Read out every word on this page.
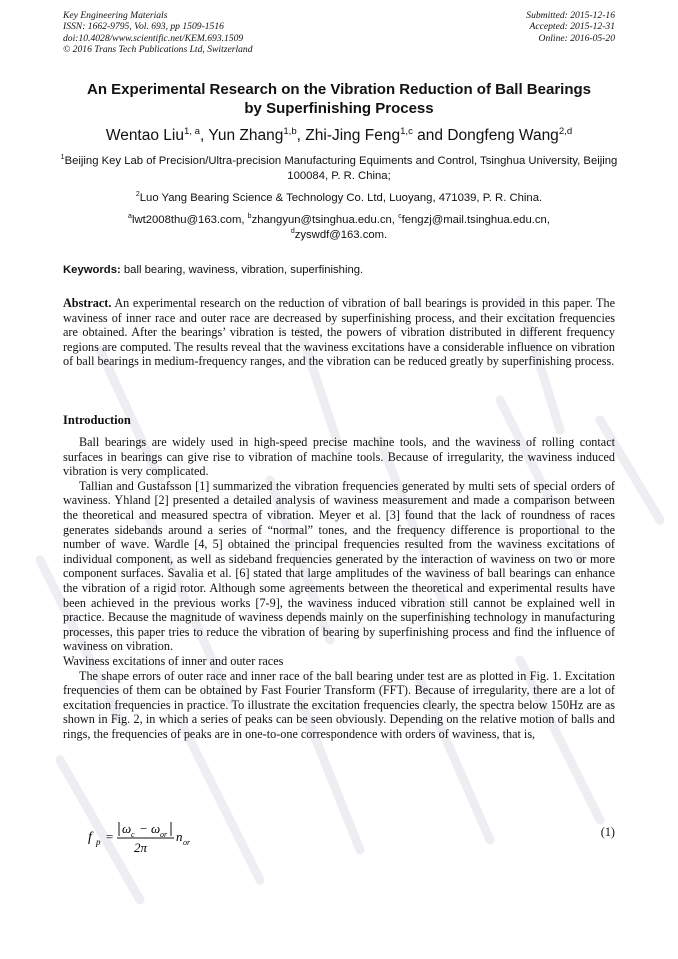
Key Engineering Materials
ISSN: 1662-9795, Vol. 693, pp 1509-1516
doi:10.4028/www.scientific.net/KEM.693.1509
© 2016 Trans Tech Publications Ltd, Switzerland
Submitted: 2015-12-16
Accepted: 2015-12-31
Online: 2016-05-20
An Experimental Research on the Vibration Reduction of Ball Bearings
by Superfinishing Process
Wentao Liu$^{1, a}$, Yun Zhang$^{1,b}$, Zhi-Jing Feng$^{1,c}$ and Dongfeng Wang$^{2,d}$
$^1$Beijing Key Lab of Precision/Ultra-precision Manufacturing Equiments and Control, Tsinghua University, Beijing 100084, P. R. China;
$^2$Luo Yang Bearing Science & Technology Co. Ltd, Luoyang, 471039, P. R. China.
$^a$lwt2008thu@163.com, $^b$zhangyun@tsinghua.edu.cn, $^c$fengzj@mail.tsinghua.edu.cn,
$^d$zyswdf@163.com.
Keywords: ball bearing, waviness, vibration, superfinishing.
Abstract. An experimental research on the reduction of vibration of ball bearings is provided in this paper. The waviness of inner race and outer race are decreased by superfinishing process, and their excitation frequencies are obtained. After the bearings’ vibration is tested, the powers of vibration distributed in different frequency regions are computed. The results reveal that the waviness excitations have a considerable influence on vibration of ball bearings in medium-frequency ranges, and the vibration can be reduced greatly by superfinishing process.
Introduction

Ball bearings are widely used in high-speed precise machine tools, and the waviness of rolling contact surfaces in bearings can give rise to vibration of machine tools. Because of irregularity, the waviness induced vibration is very complicated.

Tallian and Gustafsson [1] summarized the vibration frequencies generated by multi sets of special orders of waviness. Yhland [2] presented a detailed analysis of waviness measurement and made a comparison between the theoretical and measured spectra of vibration. Meyer et al. [3] found that the lack of roundness of races generates sidebands around a series of “normal” tones, and the frequency difference is proportional to the number of wave. Wardle [4, 5] obtained the principal frequencies resulted from the waviness excitations of individual component, as well as sideband frequencies generated by the interaction of waviness on two or more component surfaces. Savalia et al. [6] stated that large amplitudes of the waviness of ball bearings can enhance the vibration of a rigid rotor. Although some agreements between the theoretical and experimental results have been achieved in the previous works [7-9], the waviness induced vibration still cannot be explained well in practice. Because the magnitude of waviness depends mainly on the superfinishing technology in manufacturing processes, this paper tries to reduce the vibration of bearing by superfinishing process and find the influence of waviness on vibration.

Waviness excitations of inner and outer races

The shape errors of outer race and inner race of the ball bearing under test are as plotted in Fig. 1. Excitation frequencies of them can be obtained by Fast Fourier Transform (FFT). Because of irregularity, there are a lot of excitation frequencies in practice. To illustrate the excitation frequencies clearly, the spectra below 150Hz are as shown in Fig. 2, in which a series of peaks can be seen obviously. Depending on the relative motion of balls and rings, the frequencies of peaks are in one-to-one correspondence with orders of waviness, that is,

f p =
ω c − ω or
2π
n or
(1)
